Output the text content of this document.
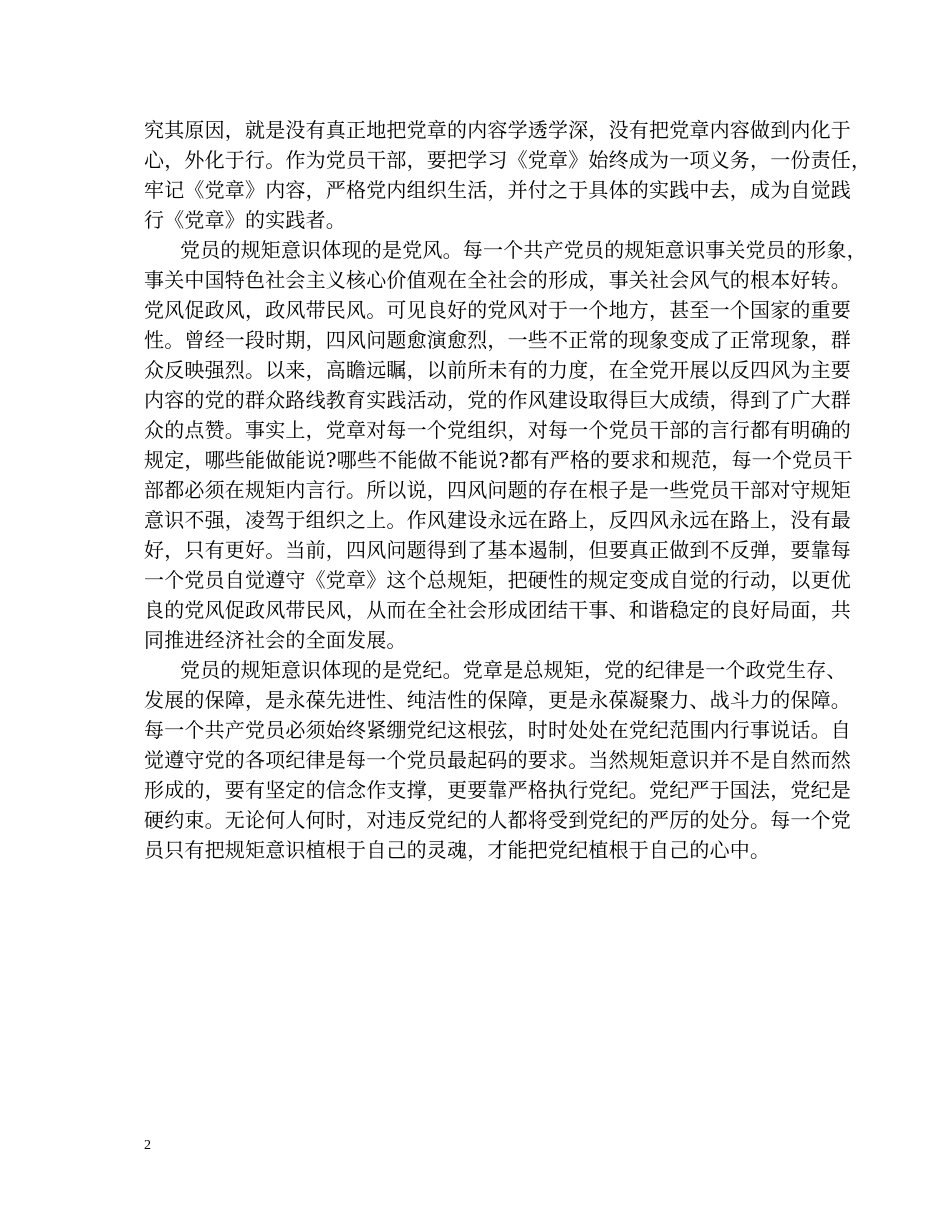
究其原因，就是没有真正地把党章的内容学透学深，没有把党章内容做到内化于

心，外化于行。作为党员干部，要把学习《党章》始终成为一项义务，一份责任，

牢记《党章》内容，严格党内组织生活，并付之于具体的实践中去，成为自觉践

行《党章》的实践者。

党员的规矩意识体现的是党风。每一个共产党员的规矩意识事关党员的形象，

事关中国特色社会主义核心价值观在全社会的形成，事关社会风气的根本好转。

党风促政风，政风带民风。可见良好的党风对于一个地方，甚至一个国家的重要

性。曾经一段时期，四风问题愈演愈烈，一些不正常的现象变成了正常现象，群

众反映强烈。以来，高瞻远瞩，以前所未有的力度，在全党开展以反四风为主要

内容的党的群众路线教育实践活动，党的作风建设取得巨大成绩，得到了广大群

众的点赞。事实上，党章对每一个党组织，对每一个党员干部的言行都有明确的

规定，哪些能做能说?哪些不能做不能说?都有严格的要求和规范，每一个党员干

部都必须在规矩内言行。所以说，四风问题的存在根子是一些党员干部对守规矩

意识不强，凌驾于组织之上。作风建设永远在路上，反四风永远在路上，没有最

好，只有更好。当前，四风问题得到了基本遏制，但要真正做到不反弹，要靠每

一个党员自觉遵守《党章》这个总规矩，把硬性的规定变成自觉的行动，以更优

良的党风促政风带民风，从而在全社会形成团结干事、和谐稳定的良好局面，共

同推进经济社会的全面发展。

党员的规矩意识体现的是党纪。党章是总规矩，党的纪律是一个政党生存、

发展的保障，是永葆先进性、纯洁性的保障，更是永葆凝聚力、战斗力的保障。

每一个共产党员必须始终紧绷党纪这根弦，时时处处在党纪范围内行事说话。自

觉遵守党的各项纪律是每一个党员最起码的要求。当然规矩意识并不是自然而然

形成的，要有坚定的信念作支撑，更要靠严格执行党纪。党纪严于国法，党纪是

硬约束。无论何人何时，对违反党纪的人都将受到党纪的严厉的处分。每一个党

员只有把规矩意识植根于自己的灵魂，才能把党纪植根于自己的心中。

2
